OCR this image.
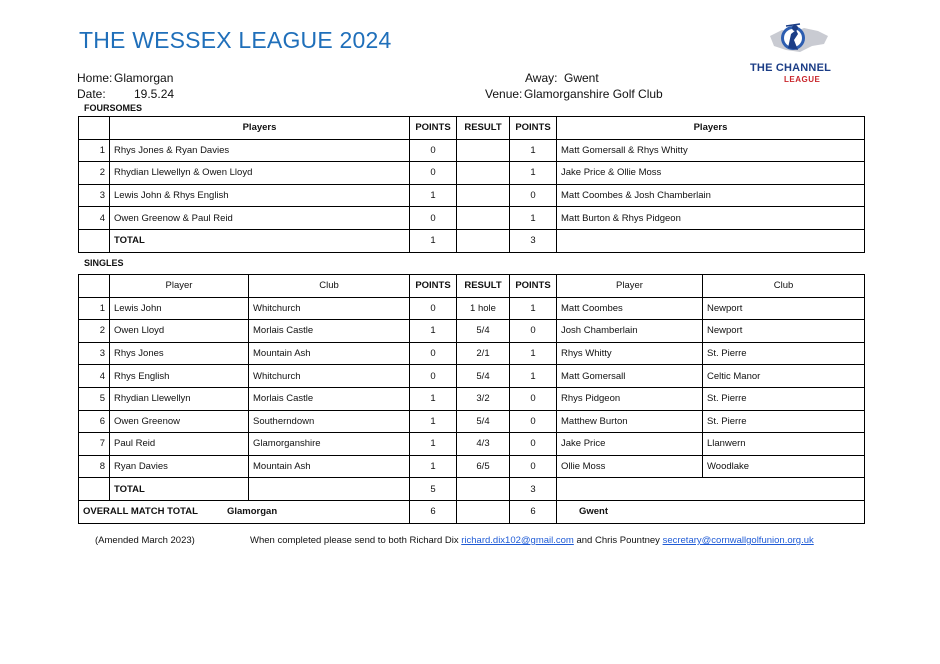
THE WESSEX LEAGUE 2024
THE CHANNEL
LEAGUE
Home: Glamorgan
Date: 19.5.24
Away: Gwent
Venue: Glamorganshire Golf Club
FOURSOMES
	Players	POINTS	RESULT	POINTS	Players
1	Rhys Jones & Ryan Davies	0		1	Matt Gomersall & Rhys Whitty
2	Rhydian Llewellyn & Owen Lloyd	0		1	Jake Price & Ollie Moss
3	Lewis John & Rhys English	1		0	Matt Coombes & Josh Chamberlain
4	Owen Greenow & Paul Reid	0		1	Matt Burton & Rhys Pidgeon
	TOTAL	1		3	
SINGLES
	Player	Club	POINTS	RESULT	POINTS	Player	Club
1	Lewis John	Whitchurch	0	1 hole	1	Matt Coombes	Newport
2	Owen Lloyd	Morlais Castle	1	5/4	0	Josh Chamberlain	Newport
3	Rhys Jones	Mountain Ash	0	2/1	1	Rhys Whitty	St. Pierre
4	Rhys English	Whitchurch	0	5/4	1	Matt Gomersall	Celtic Manor
5	Rhydian Llewellyn	Morlais Castle	1	3/2	0	Rhys Pidgeon	St. Pierre
6	Owen Greenow	Southerndown	1	5/4	0	Matthew Burton	St. Pierre
7	Paul Reid	Glamorganshire	1	4/3	0	Jake Price	Llanwern
8	Ryan Davies	Mountain Ash	1	6/5	0	Ollie Moss	Woodlake
	TOTAL		5		3		
OVERALL MATCH TOTAL Glamorgan			6		6	Gwent	
(Amended March 2023)	When completed please send to both Richard Dix richard.dix102@gmail.com and Chris Pountney secretary@cornwallgolfunion.org.uk
